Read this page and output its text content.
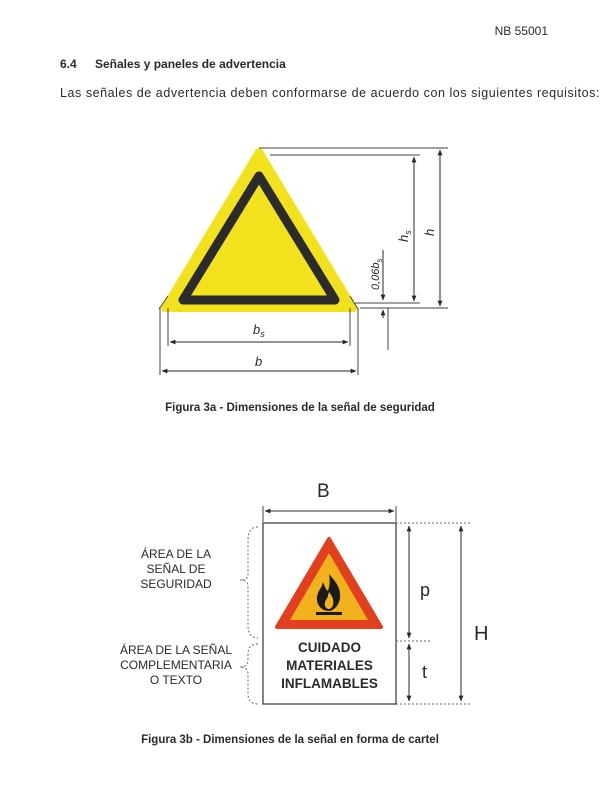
NB 55001
6.4 Señales y paneles de advertencia
Las señales de advertencia deben conformarse de acuerdo con los siguientes requisitos:
$b_s$
b
$h_s$ h
$0,06b_s$
Figura 3a - Dimensiones de la señal de seguridad
B
p
t
H
ÁREA DE LA
SEÑAL DE
SEGURIDAD
ÁREA DE LA SEÑAL
COMPLEMENTARIA
O TEXTO
CUIDADO
MATERIALES
INFLAMABLES
Figura 3b - Dimensiones de la señal en forma de cartel
